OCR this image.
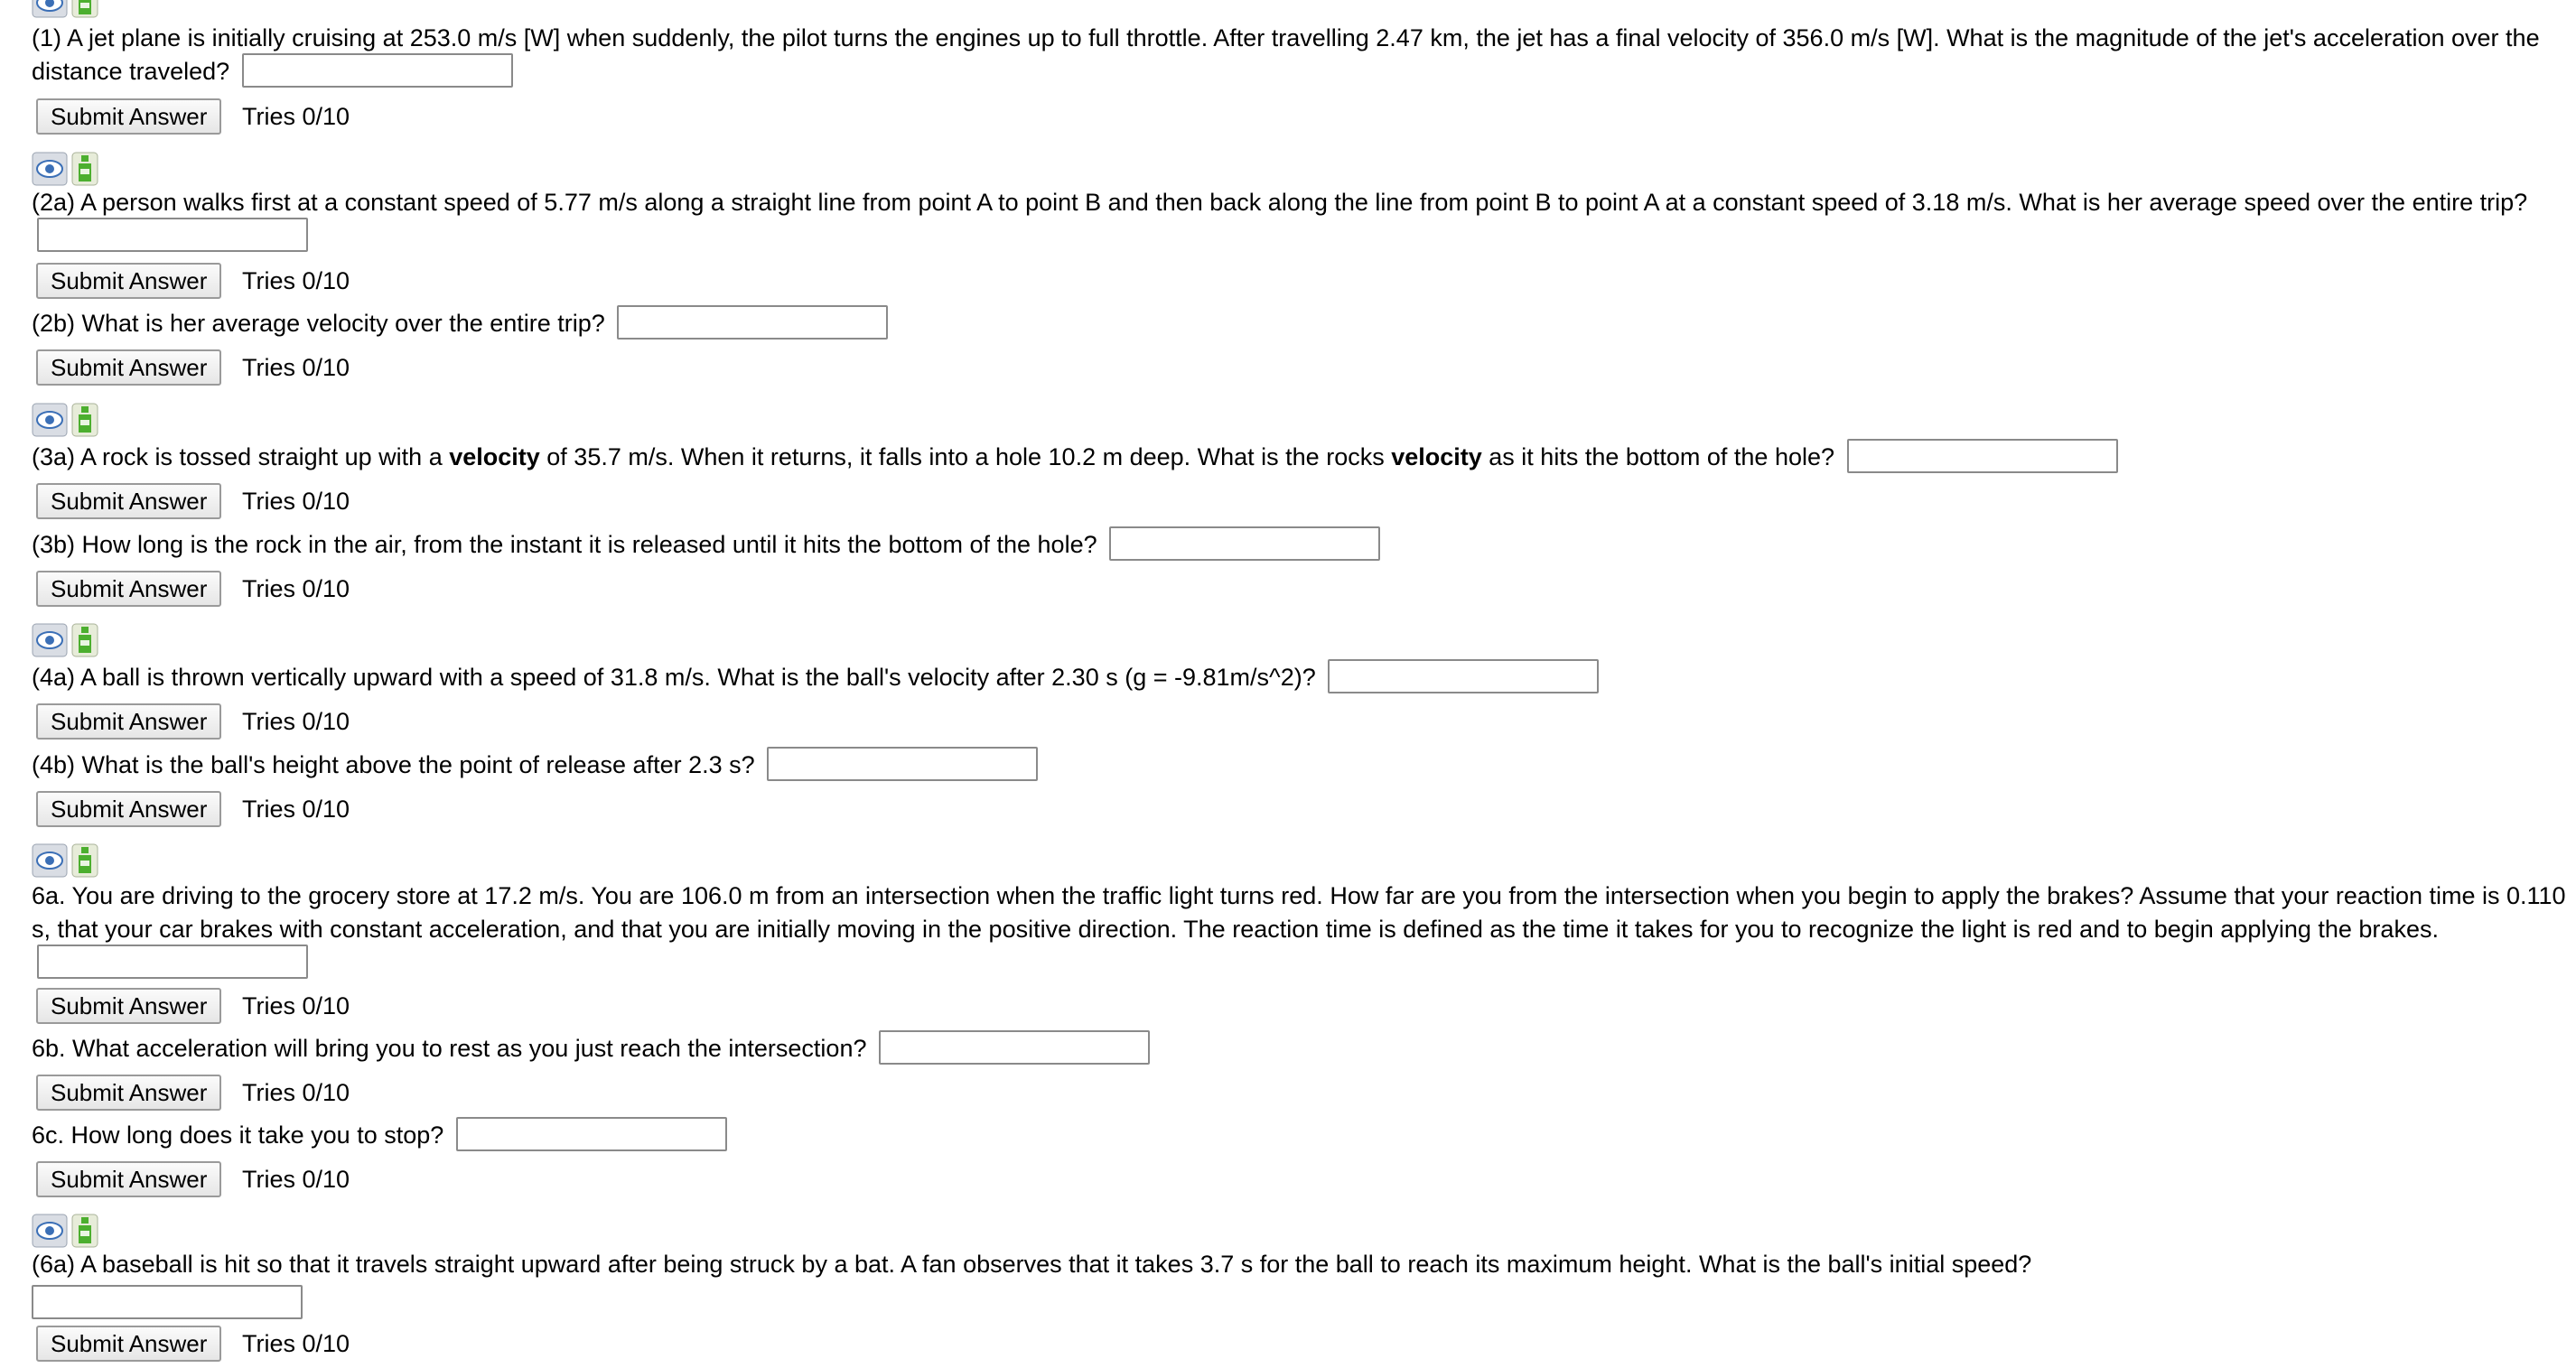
(1) A jet plane is initially cruising at 253.0 m/s [W] when suddenly, the pilot turns the engines up to full throttle. After travelling 2.47 km, the jet has a final velocity of 356.0 m/s [W]. What is the magnitude of the jet's acceleration over the distance traveled?
Submit Answer	Tries 0/10
(2a) A person walks first at a constant speed of 5.77 m/s along a straight line from point A to point B and then back along the line from point B to point A at a constant speed of 3.18 m/s. What is her average speed over the entire trip?
Submit Answer	Tries 0/10
(2b) What is her average velocity over the entire trip?
Submit Answer	Tries 0/10
(3a) A rock is tossed straight up with a velocity of 35.7 m/s. When it returns, it falls into a hole 10.2 m deep. What is the rocks velocity as it hits the bottom of the hole?
Submit Answer	Tries 0/10
(3b) How long is the rock in the air, from the instant it is released until it hits the bottom of the hole?
Submit Answer	Tries 0/10
(4a) A ball is thrown vertically upward with a speed of 31.8 m/s. What is the ball's velocity after 2.30 s (g = -9.81m/s^2)?
Submit Answer	Tries 0/10
(4b) What is the ball's height above the point of release after 2.3 s?
Submit Answer	Tries 0/10
6a. You are driving to the grocery store at 17.2 m/s. You are 106.0 m from an intersection when the traffic light turns red. How far are you from the intersection when you begin to apply the brakes? Assume that your reaction time is 0.110 s, that your car brakes with constant acceleration, and that you are initially moving in the positive direction. The reaction time is defined as the time it takes for you to recognize the light is red and to begin applying the brakes.
Submit Answer	Tries 0/10
6b. What acceleration will bring you to rest as you just reach the intersection?
Submit Answer	Tries 0/10
6c. How long does it take you to stop?
Submit Answer	Tries 0/10
(6a) A baseball is hit so that it travels straight upward after being struck by a bat. A fan observes that it takes 3.7 s for the ball to reach its maximum height. What is the ball's initial speed?
Submit Answer	Tries 0/10
